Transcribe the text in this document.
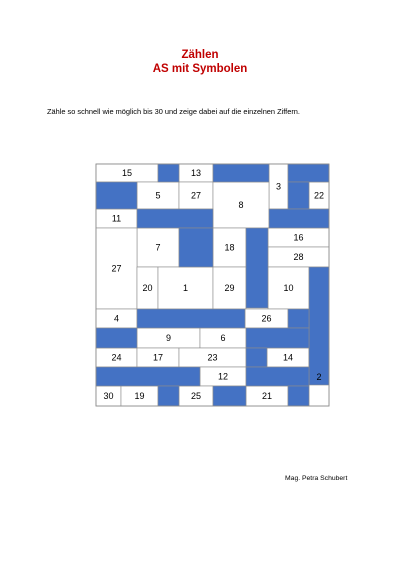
Zählen
AS mit Symbolen
Zähle so schnell wie möglich bis 30 und zeige dabei auf die einzelnen Ziffern.
15	13
3
5	27	22
8
11
7	18
16
27
28
20	1	29	10
4	26
9	6
24	17	23	14
2
12
30 19	25	21
Mag. Petra Schubert
